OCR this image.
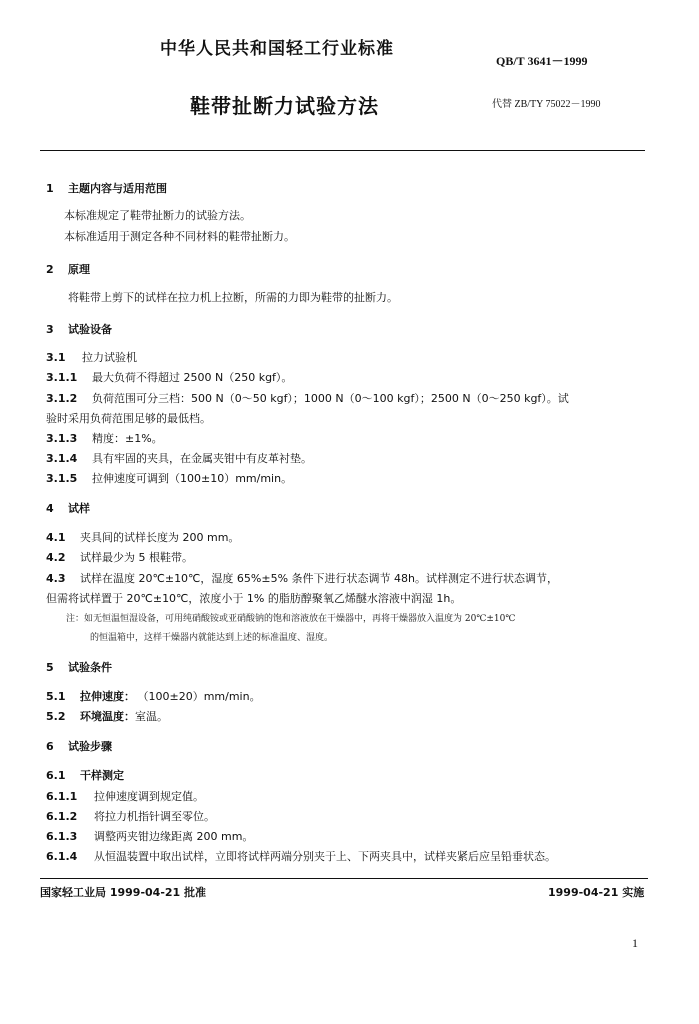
中华人民共和国轻工行业标准
QB/T 3641－1999
鞋带扯断力试验方法	代替 ZB/TY 75022－1990
1 主题内容与适用范围
本标准规定了鞋带扯断力的试验方法。
本标准适用于测定各种不同材料的鞋带扯断力。
2 原理
将鞋带上剪下的试样在拉力机上拉断，所需的力即为鞋带的扯断力。
3 试验设备
3.1 拉力试验机
3.1.1 最大负荷不得超过 2500 N（250 kgf）。
3.1.2 负荷范围可分三档：500 N（0～50 kgf）；1000 N（0～100 kgf）；2500 N（0～250 kgf）。试
验时采用负荷范围足够的最低档。
3.1.3 精度：±1%。
3.1.4 具有牢固的夹具，在金属夹钳中有皮革衬垫。
3.1.5 拉伸速度可调到（100±10）mm/min。
4 试样
4.1 夹具间的试样长度为 200 mm。
4.2 试样最少为 5 根鞋带。
4.3 试样在温度 20℃±10℃，湿度 65%±5% 条件下进行状态调节 48h。试样测定不进行状态调节，
但需将试样置于 20℃±10℃，浓度小于 1% 的脂肪醇聚氧乙烯醚水溶液中润湿 1h。
注：如无恒温恒湿设备，可用纯硝酸铵或亚硝酸钠的饱和溶液放在干燥器中，再将干燥器放入温度为 20℃±10℃
的恒温箱中，这样干燥器内就能达到上述的标准温度、湿度。
5 试验条件
5.1 拉伸速度： （100±20）mm/min。
5.2 环境温度：室温。
6 试验步骤
6.1 干样测定
6.1.1 拉伸速度调到规定值。
6.1.2 将拉力机指针调至零位。
6.1.3 调整两夹钳边缘距离 200 mm。
6.1.4 从恒温装置中取出试样，立即将试样两端分别夹于上、下两夹具中，试样夹紧后应呈铅垂状态。
国家轻工业局 1999-04-21 批准	1999-04-21 实施
1
